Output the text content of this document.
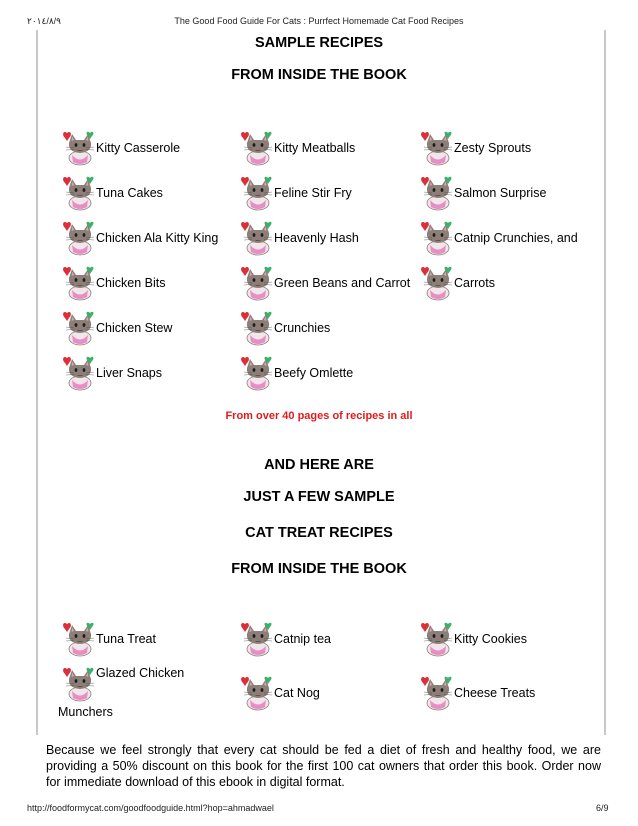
٢٠١٤/٨/٩	The Good Food Guide For Cats : Purrfect Homemade Cat Food Recipes
SAMPLE RECIPES
FROM INSIDE THE BOOK
Kitty Casserole
Tuna Cakes
Chicken Ala Kitty King
Chicken Bits
Chicken Stew
Liver Snaps
Kitty Meatballs
Feline Stir Fry
Heavenly Hash
Green Beans and Carrot
Crunchies
Beefy Omlette
Zesty Sprouts
Salmon Surprise
Catnip Crunchies, and
Carrots
From over 40 pages of recipes in all
AND HERE ARE
JUST A FEW SAMPLE
CAT TREAT RECIPES
FROM INSIDE THE BOOK
Tuna Treat
Glazed Chicken
Munchers
Catnip tea
Cat Nog
Kitty Cookies
Cheese Treats
Because we feel strongly that every cat should be fed a diet of fresh and healthy food, we are providing a 50% discount on this book for the first 100 cat owners that order this book. Order now for immediate download of this ebook in digital format.
http://foodformycat.com/goodfoodguide.html?hop=ahmadwael	6/9
